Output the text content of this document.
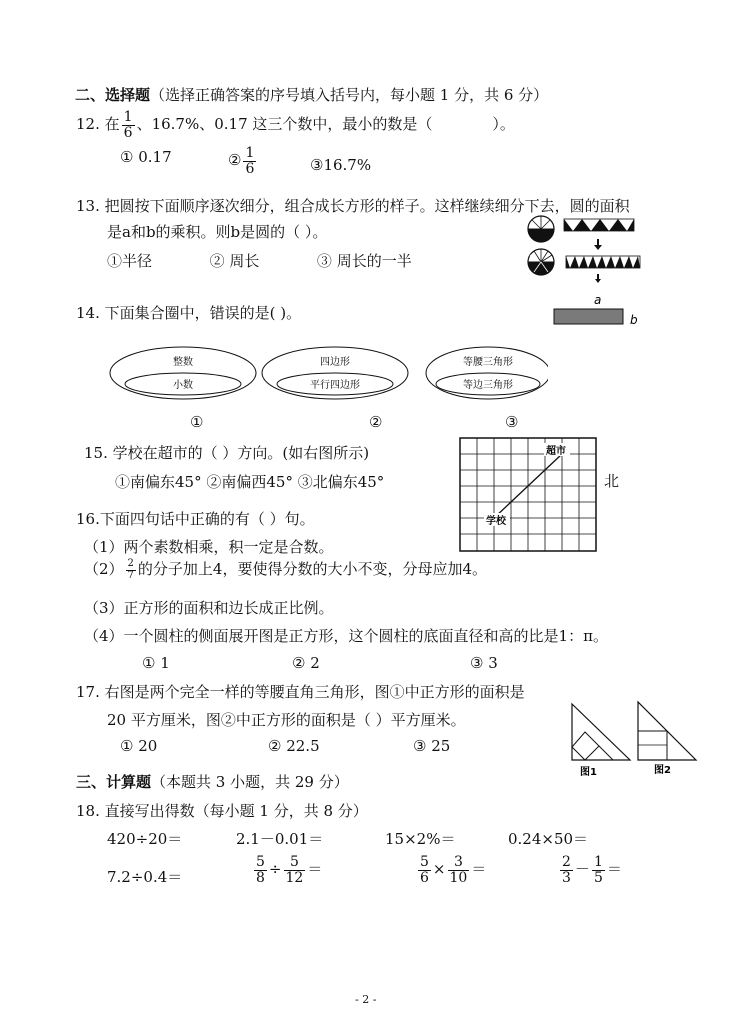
二、选择题（选择正确答案的序号填入括号内，每小题 1 分，共 6 分）
12. 在 $\frac{1}{6}$ 、16.7%、0.17 这三个数中，最小的数是（	）。
① 0.17	② $\frac{1}{6}$	③16.7%
13. 把圆按下面顺序逐次细分，组合成长方形的样子。这样继续细分下去，圆的面积
是a和b的乘积。则b是圆的（ ）。
①半径	② 周长	③ 周长的一半
a
b
14. 下面集合圈中，错误的是( )。
整数
小数
四边形
平行四边形
等腰三角形
等边三角形
①	②	③
15. 学校在超市的（ ）方向。(如右图所示)
①南偏东45° ②南偏西45° ③北偏东45°
超市
学校
北
16.下面四句话中正确的有（ ）句。
（1）两个素数相乘，积一定是合数。
$(2) \frac{2}{7}$ 的分子加上4，要使得分数的大小不变，分母应加4。
（3）正方形的面积和边长成正比例。
（4）一个圆柱的侧面展开图是正方形，这个圆柱的底面直径和高的比是1：π。
① 1	② 2	③ 3
17. 右图是两个完全一样的等腰直角三角形，图①中正方形的面积是
20 平方厘米，图②中正方形的面积是（ ）平方厘米。
① 20	② 22.5	③ 25
图1	图2
三、计算题（本题共 3 小题，共 29 分）
18. 直接写出得数（每小题 1 分，共 8 分）
420÷20＝	2.1－0.01＝	15×2%＝	0.24×50＝
7.2÷0.4＝	$\frac{5}{8} \div \frac{5}{12}$ ＝	$\frac{5}{6} \times \frac{3}{10}$ ＝	$\frac{2}{3} - \frac{1}{5}$ ＝
- 2 -
